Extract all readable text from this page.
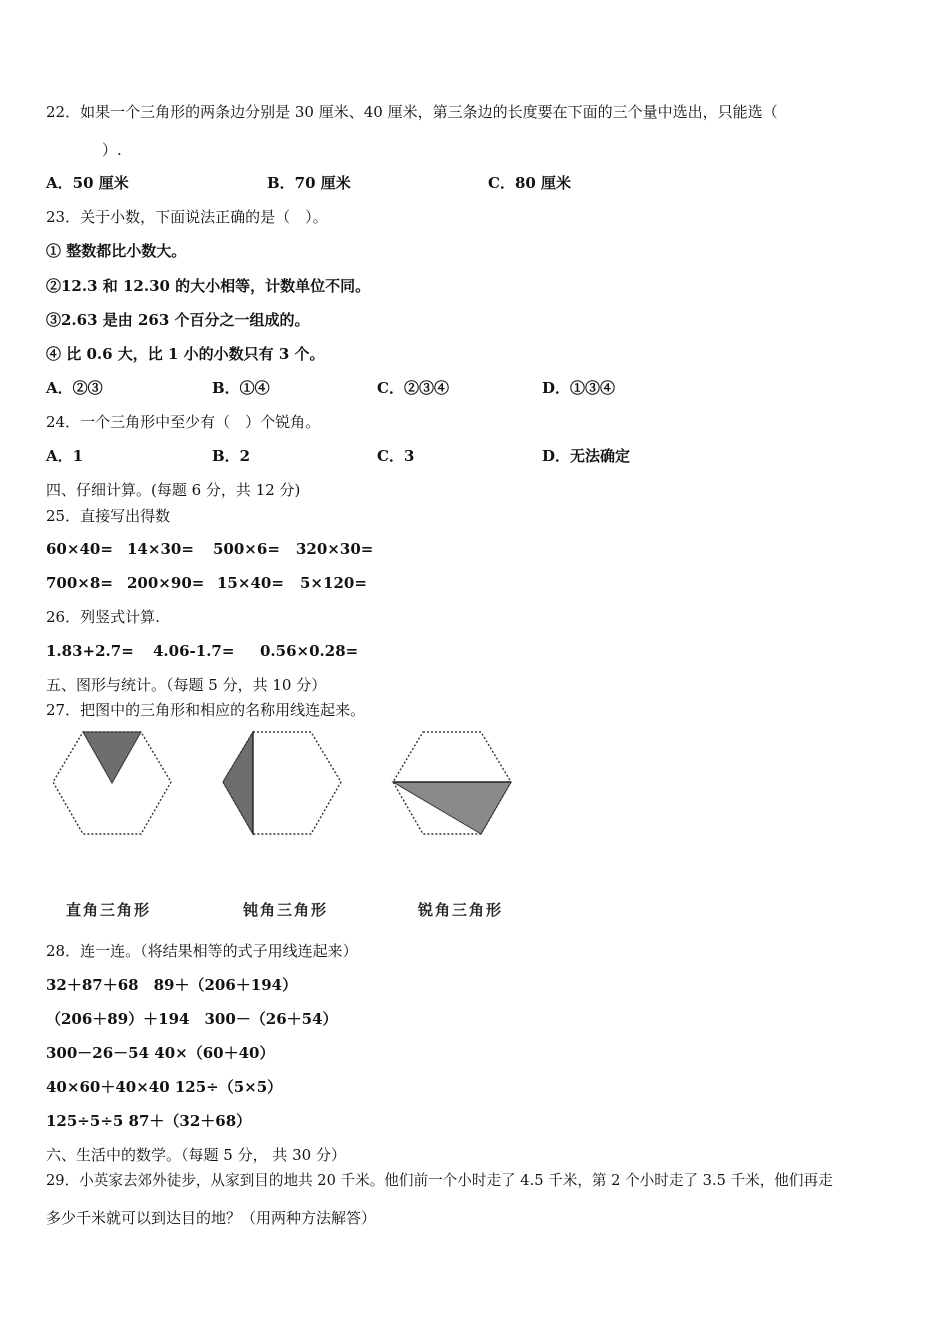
22．如果一个三角形的两条边分别是 30 厘米、40 厘米，第三条边的长度要在下面的三个量中选出，只能选（
）.
A．50 厘米	B．70 厘米	C．80 厘米
23．关于小数，下面说法正确的是（　）。
① 整数都比小数大。
②12.3 和 12.30 的大小相等，计数单位不同。
③2.63 是由 263 个百分之一组成的。
④ 比 0.6 大，比 1 小的小数只有 3 个。
A．②③	B．①④	C．②③④	D．①③④
24．一个三角形中至少有（　）个锐角。
A．1	B．2	C．3	D．无法确定
四、仔细计算。(每题 6 分，共 12 分)
25．直接写出得数
60×40= 14×30= 500×6= 320×30=
700×8= 200×90= 15×40= 5×120=
26．列竖式计算.
1.83+2.7= 4.06-1.7= 0.56×0.28=
五、图形与统计。（每题 5 分，共 10 分）
27．把图中的三角形和相应的名称用线连起来。
直角三角形	钝角三角形	锐角三角形
28．连一连。（将结果相等的式子用线连起来）
32＋87＋68　89＋（206＋194）
（206＋89）＋194　300－（26＋54）
300－26－54 40×（60＋40）
40×60＋40×40 125÷（5×5）
125÷5÷5 87＋（32＋68）
六、生活中的数学。（每题 5 分， 共 30 分）
29．小英家去郊外徒步，从家到目的地共 20 千米。他们前一个小时走了 4.5 千米，第 2 个小时走了 3.5 千米，他们再走
多少千米就可以到达目的地？（用两种方法解答）
